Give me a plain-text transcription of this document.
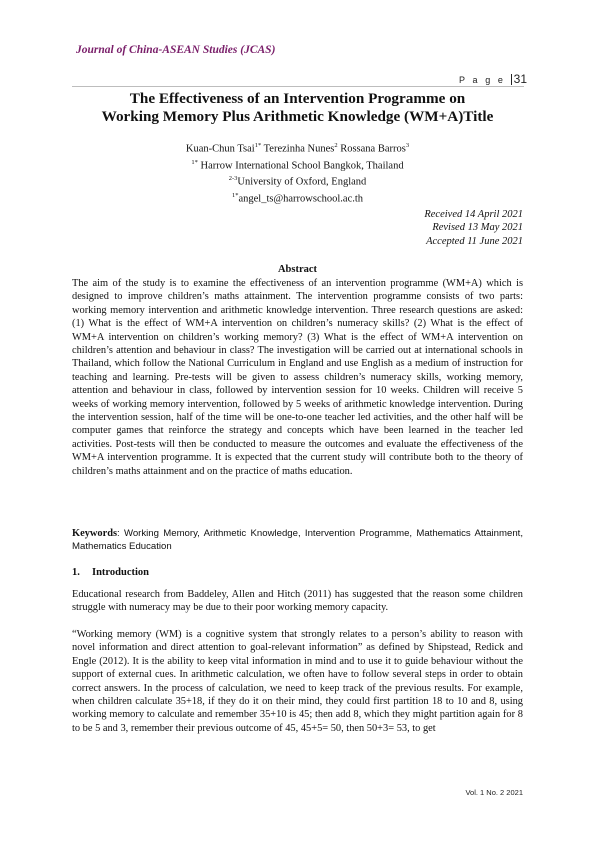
Journal of China-ASEAN Studies (JCAS)
P a g e 31
The Effectiveness of an Intervention Programme on
Working Memory Plus Arithmetic Knowledge (WM+A)Title
Kuan-Chun Tsai$^{1*}$ Terezinha Nunes$^2$ Rossana Barros$^3$
$^{1*}$ Harrow International School Bangkok, Thailand
$^{2-3}$University of Oxford, England
$^{1*}$angel_ts@harrowschool.ac.th
Received 14 April 2021
Revised 13 May 2021
Accepted 11 June 2021
Abstract
The aim of the study is to examine the effectiveness of an intervention programme (WM+A) which is designed to improve children’s maths attainment. The intervention programme consists of two parts: working memory intervention and arithmetic knowledge intervention. Three research questions are asked: (1) What is the effect of WM+A intervention on children’s numeracy skills? (2) What is the effect of WM+A intervention on children’s working memory? (3) What is the effect of WM+A intervention on children’s attention and behaviour in class? The investigation will be carried out at international schools in Thailand, which follow the National Curriculum in England and use English as a medium of instruction for teaching and learning. Pre-tests will be given to assess children’s numeracy skills, working memory, attention and behaviour in class, followed by intervention session for 10 weeks. Children will receive 5 weeks of working memory intervention, followed by 5 weeks of arithmetic knowledge intervention. During the intervention session, half of the time will be one-to-one teacher led activities, and the other half will be computer games that reinforce the strategy and concepts which have been learned in the teacher led activities. Post-tests will then be conducted to measure the outcomes and evaluate the effectiveness of the WM+A intervention programme. It is expected that the current study will contribute both to the theory of children’s maths attainment and on the practice of maths education.
Keywords: Working Memory, Arithmetic Knowledge, Intervention Programme, Mathematics Attainment, Mathematics Education
1. Introduction
Educational research from Baddeley, Allen and Hitch (2011) has suggested that the reason some children struggle with numeracy may be due to their poor working memory capacity.
“Working memory (WM) is a cognitive system that strongly relates to a person’s ability to reason with novel information and direct attention to goal-relevant information” as defined by Shipstead, Redick and Engle (2012). It is the ability to keep vital information in mind and to use it to guide behaviour without the support of external cues. In arithmetic calculation, we often have to follow several steps in order to obtain correct answers. In the process of calculation, we need to keep track of the previous results. For example, when children calculate 35+18, if they do it on their mind, they could first partition 18 to 10 and 8, using working memory to calculate and remember 35+10 is 45; then add 8, which they might partition again for 8 to be 5 and 3, remember their previous outcome of 45, 45+5= 50, then 50+3= 53, to get
Vol. 1 No. 2 2021
